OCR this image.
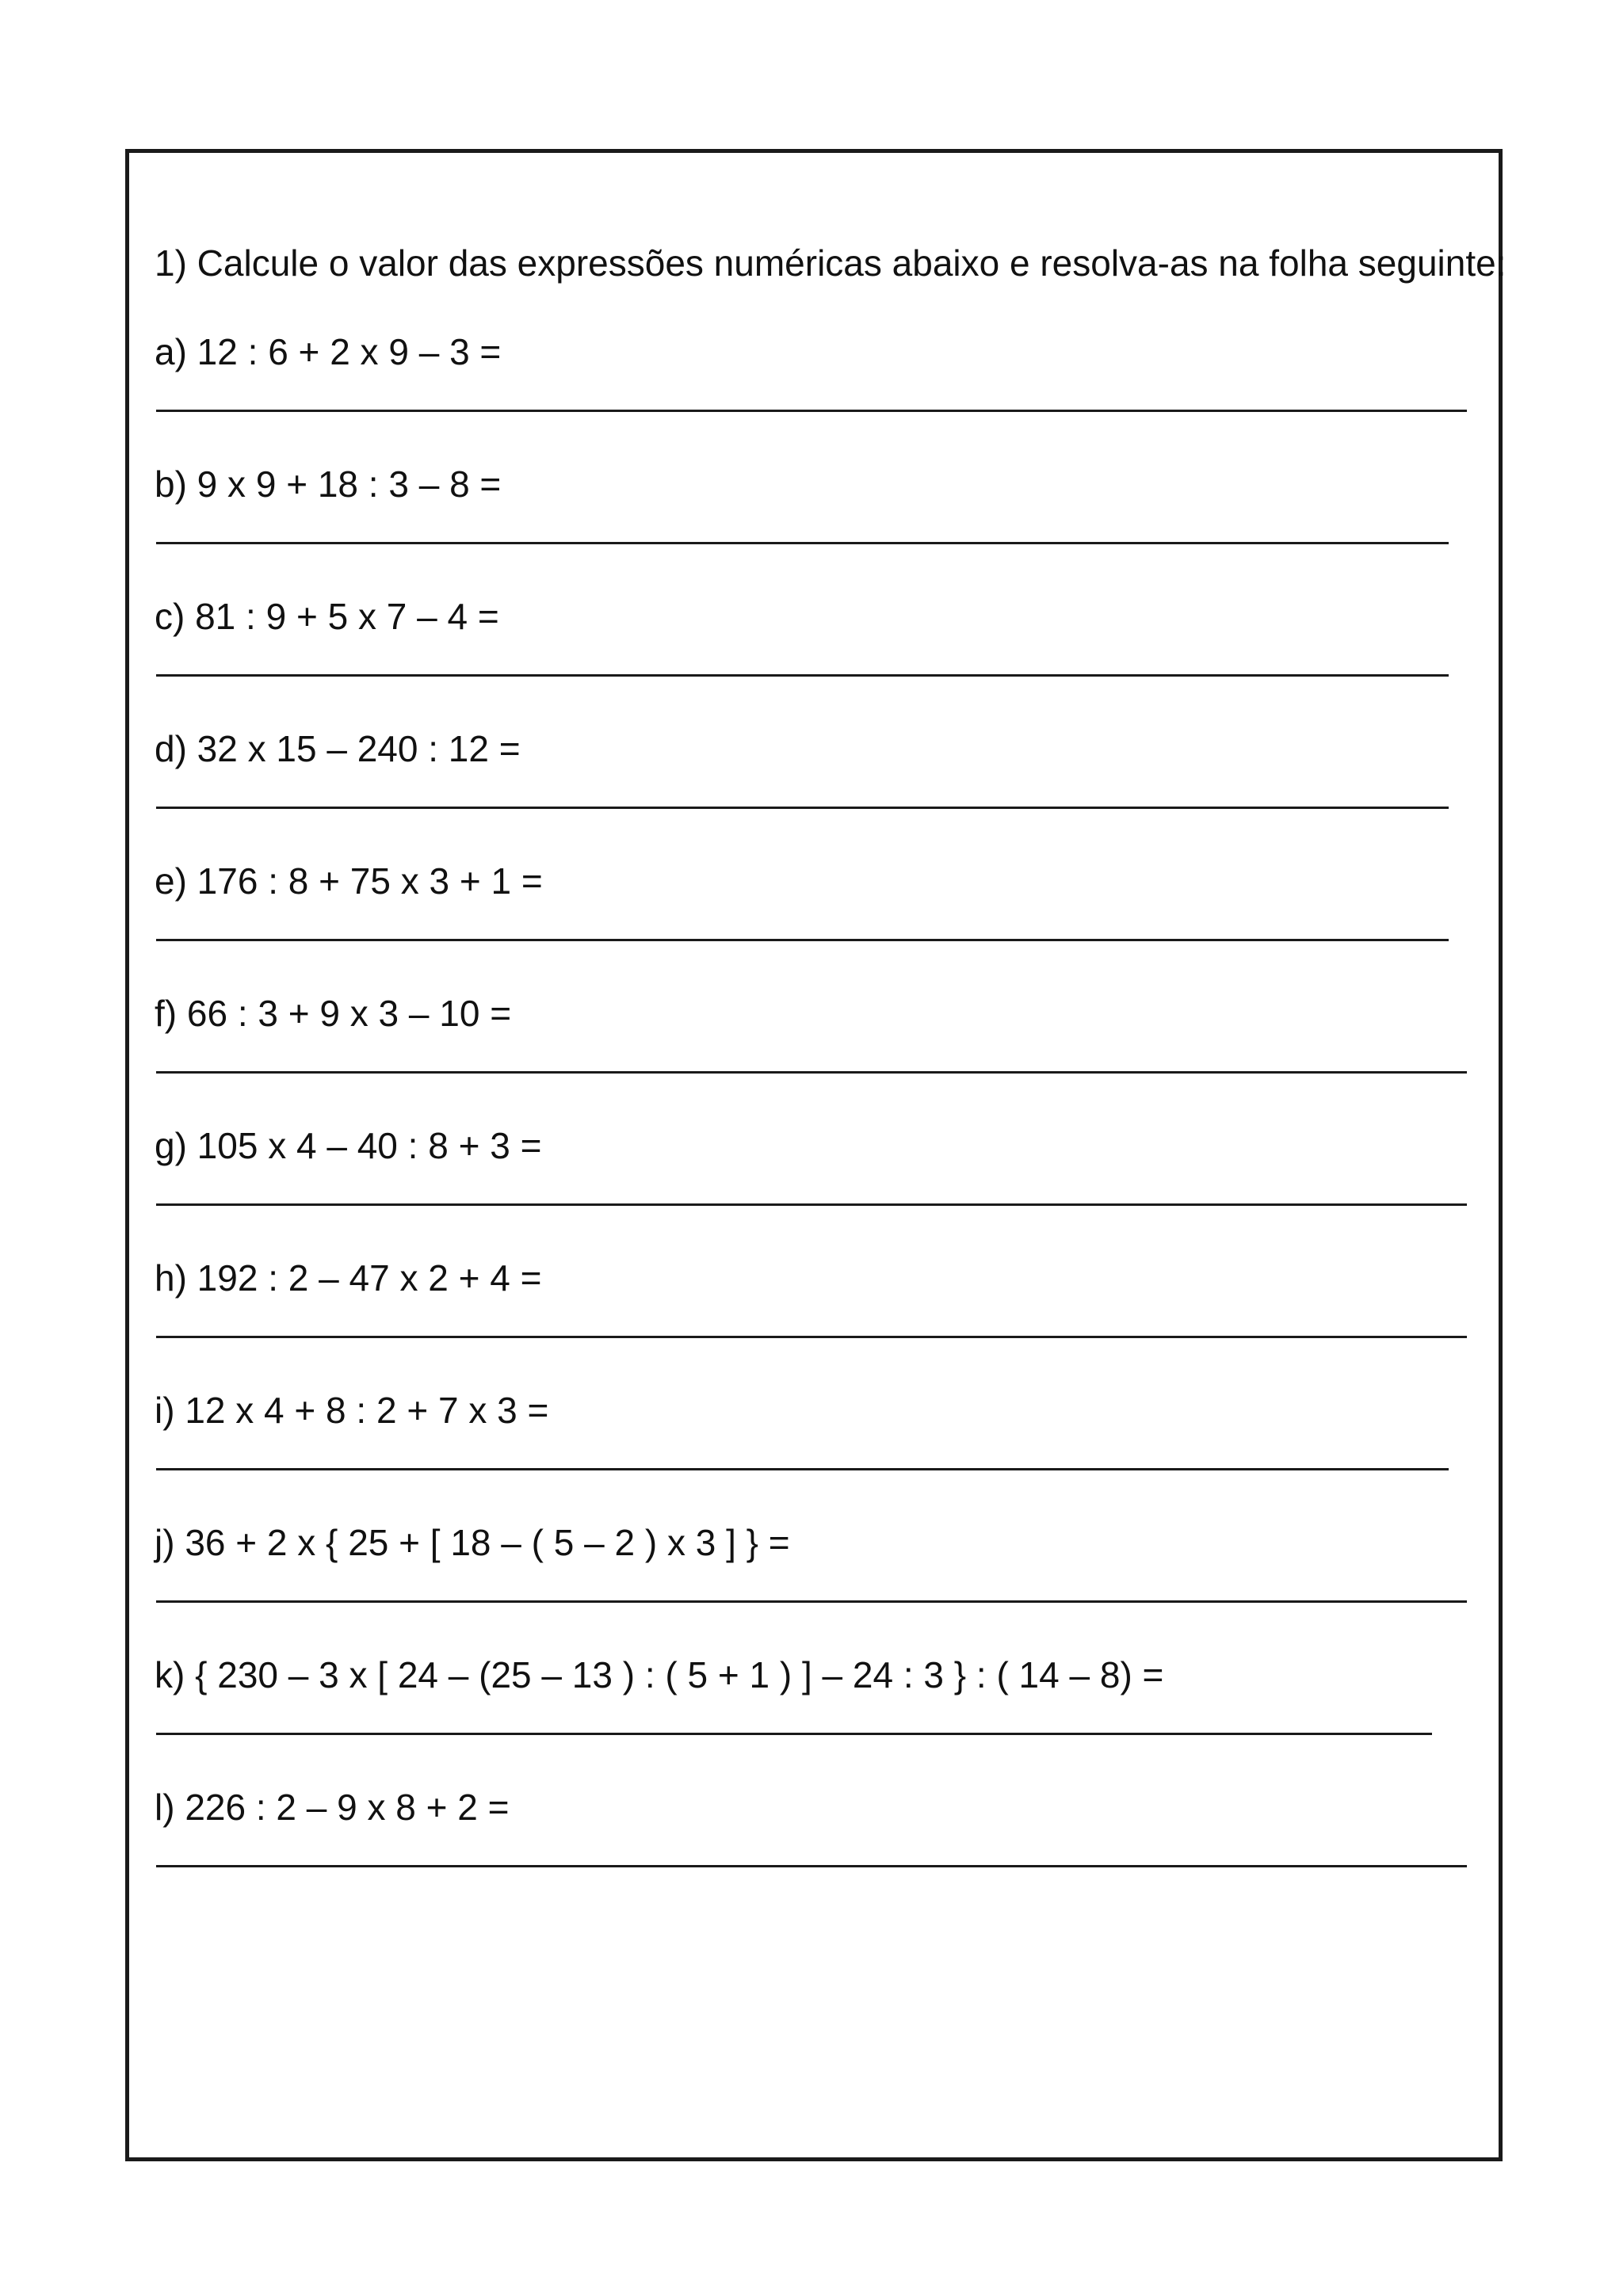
1) Calcule o valor das expressões numéricas abaixo e resolva-as na folha seguinte:
a) 12 : 6 + 2 x 9 – 3 =
b) 9 x 9 + 18 : 3 – 8 =
c) 81 : 9 + 5 x 7 – 4 =
d) 32 x 15 – 240 : 12 =
e) 176 : 8 + 75 x 3 + 1 =
f) 66 : 3 + 9 x 3 – 10 =
g) 105 x 4 – 40 : 8 + 3 =
h) 192 : 2 – 47 x 2 + 4 =
i) 12 x 4 + 8 : 2 + 7 x 3 =
j) 36 + 2 x { 25 + [ 18 – ( 5 – 2 ) x 3 ] } =
k) { 230 – 3 x [ 24 – (25 – 13 ) : ( 5 + 1 ) ] – 24 : 3 } : ( 14 – 8) =
l) 226 : 2 – 9 x 8 + 2 =
